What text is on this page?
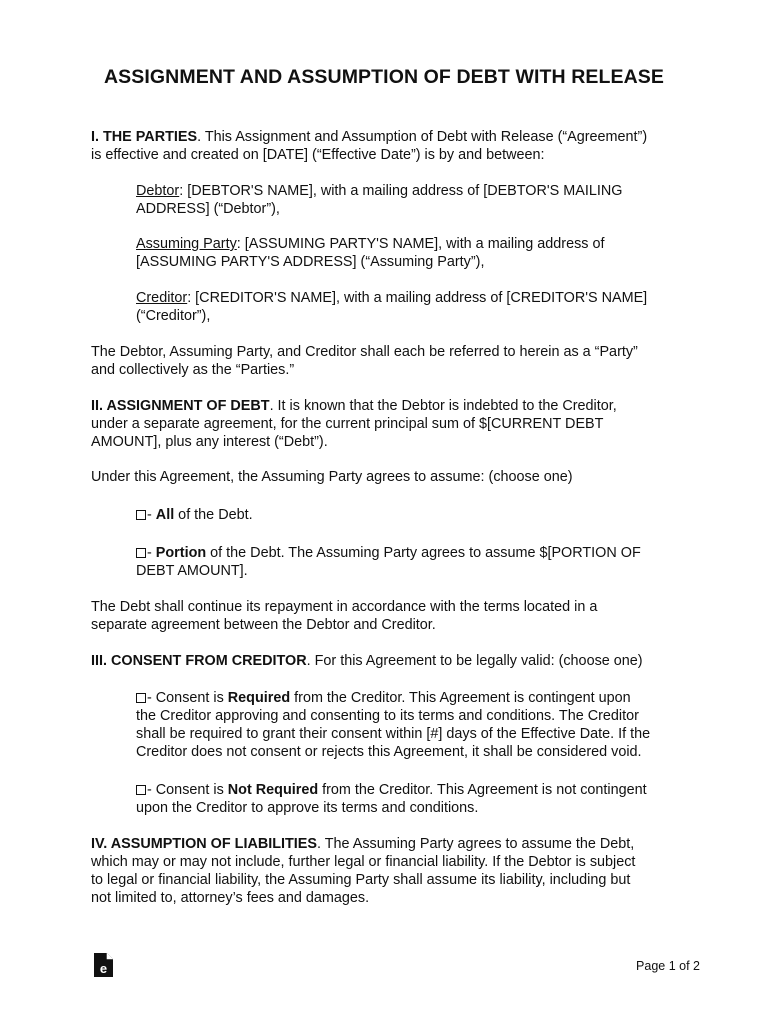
ASSIGNMENT AND ASSUMPTION OF DEBT WITH RELEASE

I. THE PARTIES. This Assignment and Assumption of Debt with Release (“Agreement”)
is effective and created on [DATE] (“Effective Date”) is by and between:

Debtor: [DEBTOR'S NAME], with a mailing address of [DEBTOR'S MAILING
ADDRESS] (“Debtor”),

Assuming Party: [ASSUMING PARTY'S NAME], with a mailing address of
[ASSUMING PARTY'S ADDRESS] (“Assuming Party”),

Creditor: [CREDITOR'S NAME], with a mailing address of [CREDITOR'S NAME]
(“Creditor”),

The Debtor, Assuming Party, and Creditor shall each be referred to herein as a “Party”
and collectively as the “Parties.”

II. ASSIGNMENT OF DEBT. It is known that the Debtor is indebted to the Creditor,
under a separate agreement, for the current principal sum of $[CURRENT DEBT
AMOUNT], plus any interest (“Debt”).

Under this Agreement, the Assuming Party agrees to assume: (choose one)

- All of the Debt.

- Portion of the Debt. The Assuming Party agrees to assume $[PORTION OF
DEBT AMOUNT].

The Debt shall continue its repayment in accordance with the terms located in a
separate agreement between the Debtor and Creditor.

III. CONSENT FROM CREDITOR. For this Agreement to be legally valid: (choose one)

- Consent is Required from the Creditor. This Agreement is contingent upon
the Creditor approving and consenting to its terms and conditions. The Creditor
shall be required to grant their consent within [#] days of the Effective Date. If the
Creditor does not consent or rejects this Agreement, it shall be considered void.

- Consent is Not Required from the Creditor. This Agreement is not contingent
upon the Creditor to approve its terms and conditions.

IV. ASSUMPTION OF LIABILITIES. The Assuming Party agrees to assume the Debt,
which may or may not include, further legal or financial liability. If the Debtor is subject
to legal or financial liability, the Assuming Party shall assume its liability, including but
not limited to, attorney’s fees and damages.

e	Page 1 of 2
